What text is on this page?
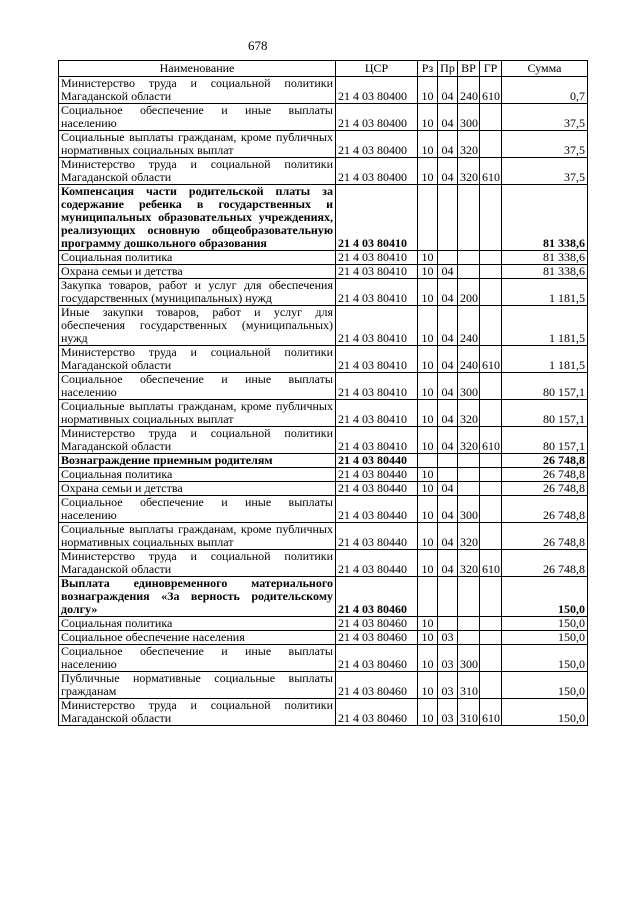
678
Наименование	ЦСР	Рз	Пр	ВР	ГР	Сумма
Министерство труда и социальной политики Магаданской области	21 4 03 80400	10	04	240	610	0,7
Социальное обеспечение и иные выплаты населению	21 4 03 80400	10	04	300		37,5
Социальные выплаты гражданам, кроме публичных нормативных социальных выплат	21 4 03 80400	10	04	320		37,5
Министерство труда и социальной политики Магаданской области	21 4 03 80400	10	04	320	610	37,5
Компенсация части родительской платы за содержание ребенка в государственных и муниципальных образовательных учреждениях, реализующих основную общеобразовательную программу дошкольного образования	21 4 03 80410					81 338,6
Социальная политика	21 4 03 80410	10				81 338,6
Охрана семьи и детства	21 4 03 80410	10	04			81 338,6
Закупка товаров, работ и услуг для обеспечения государственных (муниципальных) нужд	21 4 03 80410	10	04	200		1 181,5
Иные закупки товаров, работ и услуг для обеспечения государственных (муниципальных) нужд	21 4 03 80410	10	04	240		1 181,5
Министерство труда и социальной политики Магаданской области	21 4 03 80410	10	04	240	610	1 181,5
Социальное обеспечение и иные выплаты населению	21 4 03 80410	10	04	300		80 157,1
Социальные выплаты гражданам, кроме публичных нормативных социальных выплат	21 4 03 80410	10	04	320		80 157,1
Министерство труда и социальной политики Магаданской области	21 4 03 80410	10	04	320	610	80 157,1
Вознаграждение приемным родителям	21 4 03 80440					26 748,8
Социальная политика	21 4 03 80440	10				26 748,8
Охрана семьи и детства	21 4 03 80440	10	04			26 748,8
Социальное обеспечение и иные выплаты населению	21 4 03 80440	10	04	300		26 748,8
Социальные выплаты гражданам, кроме публичных нормативных социальных выплат	21 4 03 80440	10	04	320		26 748,8
Министерство труда и социальной политики Магаданской области	21 4 03 80440	10	04	320	610	26 748,8
Выплата единовременного материального вознаграждения «За верность родительскому долгу»	21 4 03 80460					150,0
Социальная политика	21 4 03 80460	10				150,0
Социальное обеспечение населения	21 4 03 80460	10	03			150,0
Социальное обеспечение и иные выплаты населению	21 4 03 80460	10	03	300		150,0
Публичные нормативные социальные выплаты гражданам	21 4 03 80460	10	03	310		150,0
Министерство труда и социальной политики Магаданской области	21 4 03 80460	10	03	310	610	150,0
